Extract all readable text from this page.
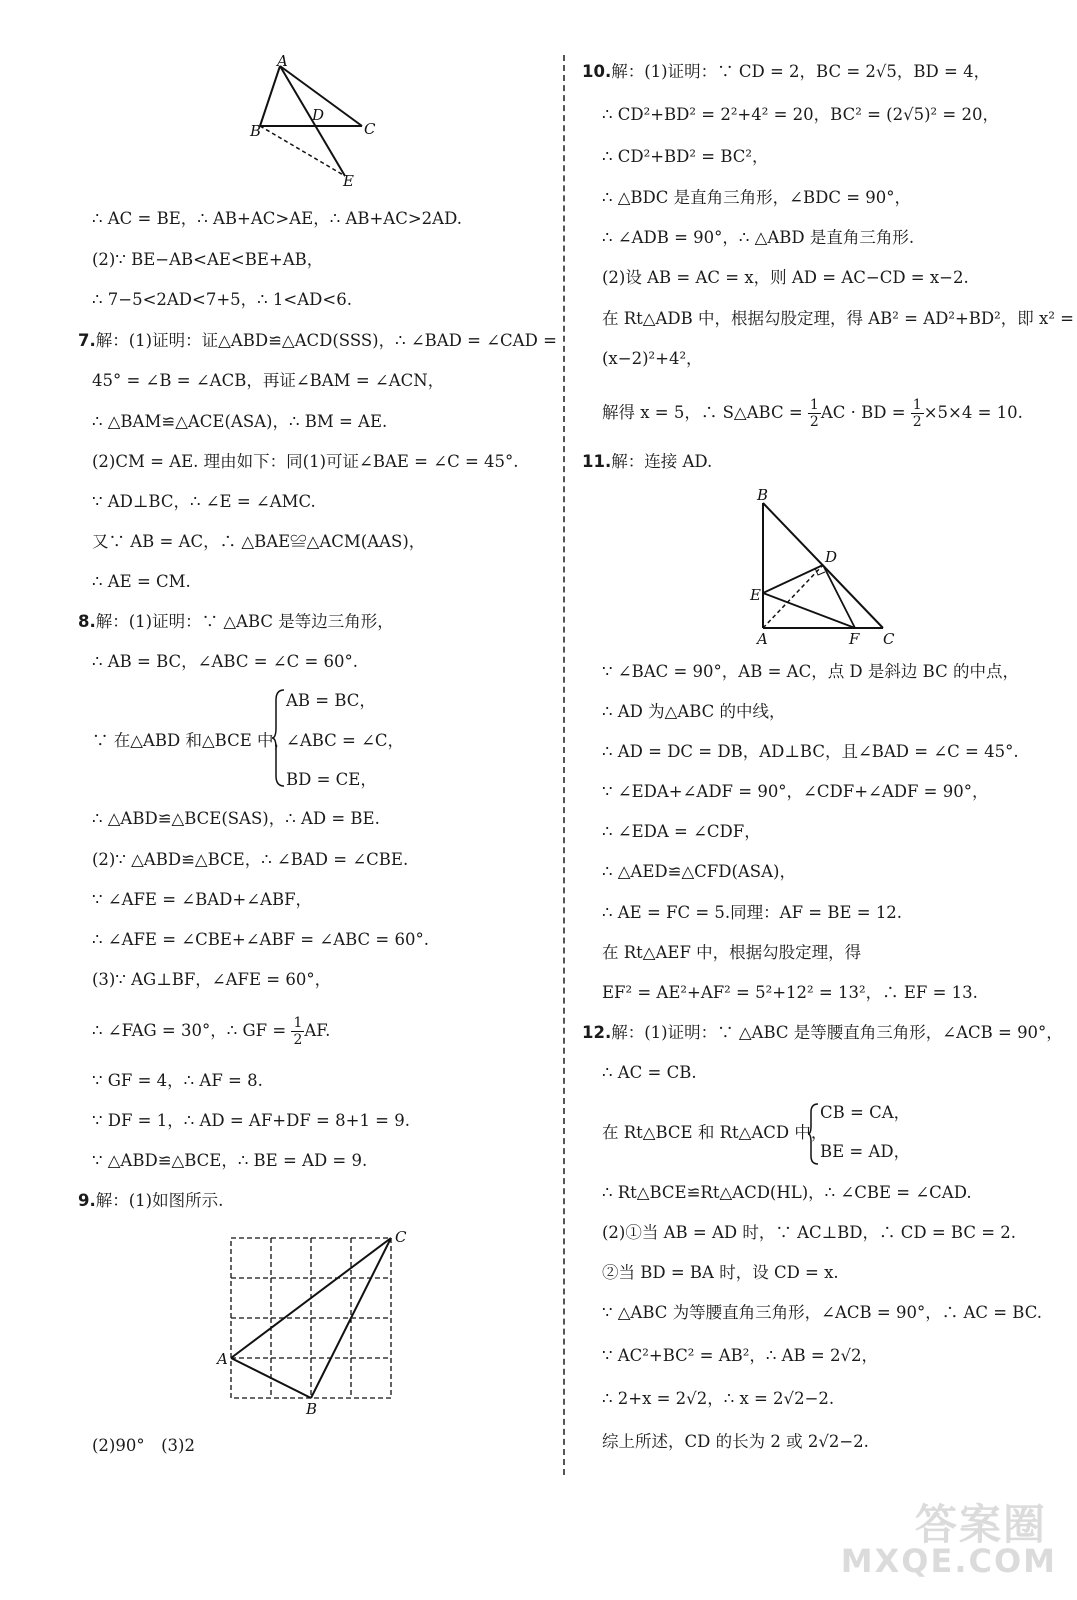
A
B	C
D
E
B
D
E
A	F C
C
A
B
∴ AC = BE，∴ AB+AC>AE，∴ AB+AC>2AD.
(2)∵ BE−AB<AE<BE+AB，
∴ 7−5<2AD<7+5，∴ 1<AD<6.
7.解：(1)证明：证△ABD≌△ACD(SSS)，∴ ∠BAD = ∠CAD =
45° = ∠B = ∠ACB，再证∠BAM = ∠ACN，
∴ △BAM≌△ACE(ASA)，∴ BM = AE.
(2)CM = AE. 理由如下：同(1)可证∠BAE = ∠C = 45°.
∵ AD⊥BC，∴ ∠E = ∠AMC.
又∵ AB = AC，∴ △BAE≌△ACM(AAS)，
∴ AE = CM.
8.解：(1)证明：∵ △ABC 是等边三角形，
∴ AB = BC，∠ABC = ∠C = 60°.
∵ 在△ABD 和△BCE 中，
AB = BC，
∠ABC = ∠C，
BD = CE，
∴ △ABD≌△BCE(SAS)，∴ AD = BE.
(2)∵ △ABD≌△BCE，∴ ∠BAD = ∠CBE.
∵ ∠AFE = ∠BAD+∠ABF，
∴ ∠AFE = ∠CBE+∠ABF = ∠ABC = 60°.
(3)∵ AG⊥BF，∠AFE = 60°，
∴ ∠FAG = 30°，∴ GF = $\frac{1}{2}$ AF.
∵ GF = 4，∴ AF = 8.
∵ DF = 1，∴ AD = AF+DF = 8+1 = 9.
∵ △ABD≌△BCE，∴ BE = AD = 9.
9.解：(1)如图所示.
(2)90°　(3)2
10.解：(1)证明：∵ CD = 2，BC = 2√5，BD = 4，
∴ CD²+BD² = 2²+4² = 20，BC² = (2√5)² = 20，
∴ CD²+BD² = BC²，
∴ △BDC 是直角三角形，∠BDC = 90°，
∴ ∠ADB = 90°，∴ △ABD 是直角三角形.
(2)设 AB = AC = x，则 AD = AC−CD = x−2.
在 Rt△ADB 中，根据勾股定理，得 AB² = AD²+BD²，即 x² =
(x−2)²+4²，
解得 x = 5，∴ S△ABC = $\frac{1}{2}$ AC · BD = $\frac{1}{2} \times 5\times 4 = 10$.
11.解：连接 AD.
∵ ∠BAC = 90°，AB = AC，点 D 是斜边 BC 的中点，
∴ AD 为△ABC 的中线，
∴ AD = DC = DB，AD⊥BC，且∠BAD = ∠C = 45°.
∵ ∠EDA+∠ADF = 90°，∠CDF+∠ADF = 90°，
∴ ∠EDA = ∠CDF，
∴ △AED≌△CFD(ASA)，
∴ AE = FC = 5.同理：AF = BE = 12.
在 Rt△AEF 中，根据勾股定理，得
EF² = AE²+AF² = 5²+12² = 13²，∴ EF = 13.
12.解：(1)证明：∵ △ABC 是等腰直角三角形，∠ACB = 90°，
∴ AC = CB.
在 Rt△BCE 和 Rt△ACD 中，
CB = CA，
BE = AD，
∴ Rt△BCE≌Rt△ACD(HL)，∴ ∠CBE = ∠CAD.
(2)①当 AB = AD 时，∵ AC⊥BD，∴ CD = BC = 2.
②当 BD = BA 时，设 CD = x.
∵ △ABC 为等腰直角三角形，∠ACB = 90°，∴ AC = BC.
∵ AC²+BC² = AB²，∴ AB = 2√2，
∴ 2+x = 2√2，∴ x = 2√2−2.
综上所述，CD 的长为 2 或 2√2−2.
答案圈
MXQE.COM
